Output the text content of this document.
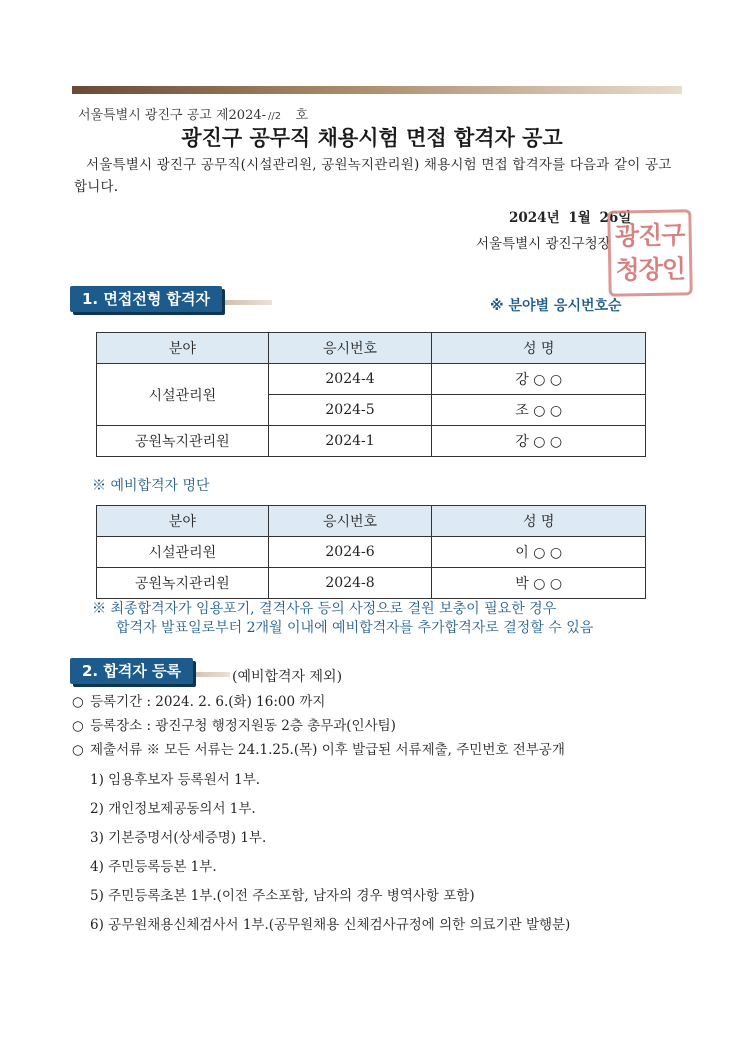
서울특별시 광진구 공고 제2024- //2 호
광진구 공무직 채용시험 면접 합격자 공고
서울특별시 광진구 공무직(시설관리원, 공원녹지관리원) 채용시험 면접 합격자를 다음과 같이 공고합니다.
2024년 1월 26일
서울특별시 광진구청장 광진구
청장인
1. 면접전형 합격자	※ 분야별 응시번호순
분야	응시번호	성 명
시설관리원	2024-4	강 ○ ○
	2024-5	조 ○ ○
공원녹지관리원	2024-1	강 ○ ○
※ 예비합격자 명단
분야	응시번호	성 명
시설관리원	2024-6	이 ○ ○
공원녹지관리원	2024-8	박 ○ ○
※ 최종합격자가 임용포기, 결격사유 등의 사정으로 결원 보충이 필요한 경우
합격자 발표일로부터 2개월 이내에 예비합격자를 추가합격자로 결정할 수 있음
2. 합격자 등록	(예비합격자 제외)
○ 등록기간 : 2024. 2. 6.(화) 16:00 까지
○ 등록장소 : 광진구청 행정지원동 2층 총무과(인사팀)
○ 제출서류 ※ 모든 서류는 24.1.25.(목) 이후 발급된 서류제출, 주민번호 전부공개
1) 임용후보자 등록원서 1부.
2) 개인정보제공동의서 1부.
3) 기본증명서(상세증명) 1부.
4) 주민등록등본 1부.
5) 주민등록초본 1부.(이전 주소포함, 남자의 경우 병역사항 포함)
6) 공무원채용신체검사서 1부.(공무원채용 신체검사규정에 의한 의료기관 발행분)
